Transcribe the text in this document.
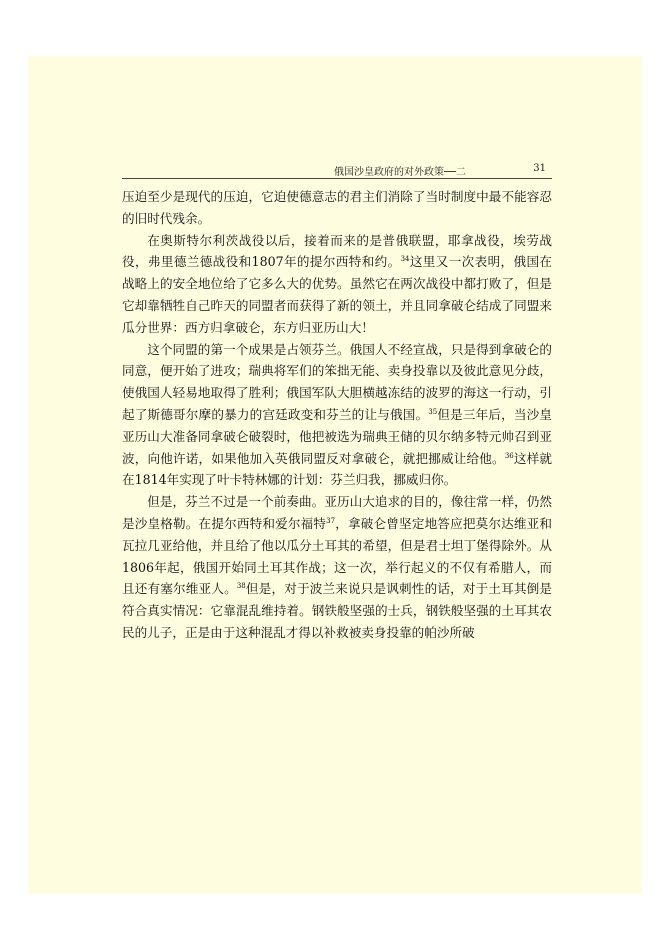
俄国沙皇政府的对外政策──二	31

压迫至少是现代的压迫，它迫使德意志的君主们消除了当时制度中最不能容忍的旧时代残余。

在奥斯特尔利茨战役以后，接着而来的是普俄联盟，耶拿战役，埃劳战役，弗里德兰德战役和1807年的提尔西特和约。$^{34}$这里又一次表明，俄国在战略上的安全地位给了它多么大的优势。虽然它在两次战役中都打败了，但是它却靠牺牲自己昨天的同盟者而获得了新的领土，并且同拿破仑结成了同盟来瓜分世界：西方归拿破仑，东方归亚历山大！

这个同盟的第一个成果是占领芬兰。俄国人不经宣战，只是得到拿破仑的同意，便开始了进攻；瑞典将军们的笨拙无能、卖身投靠以及彼此意见分歧，使俄国人轻易地取得了胜利；俄国军队大胆横越冻结的波罗的海这一行动，引起了斯德哥尔摩的暴力的宫廷政变和芬兰的让与俄国。$^{35}$但是三年后，当沙皇亚历山大准备同拿破仑破裂时，他把被选为瑞典王储的贝尔纳多特元帅召到亚波，向他许诺，如果他加入英俄同盟反对拿破仑，就把挪威让给他。$^{36}$这样就在1814年实现了叶卡特林娜的计划：芬兰归我，挪威归你。

但是，芬兰不过是一个前奏曲。亚历山大追求的目的，像往常一样，仍然是沙皇格勒。在提尔西特和爱尔福特$^{37}$，拿破仑曾坚定地答应把莫尔达维亚和瓦拉几亚给他，并且给了他以瓜分土耳其的希望，但是君士坦丁堡得除外。从1806年起，俄国开始同土耳其作战；这一次，举行起义的不仅有希腊人，而且还有塞尔维亚人。$^{38}$但是，对于波兰来说只是讽刺性的话，对于土耳其倒是符合真实情况：它靠混乱维持着。钢铁般坚强的士兵，钢铁般坚强的土耳其农民的儿子，正是由于这种混乱才得以补救被卖身投靠的帕沙所破
